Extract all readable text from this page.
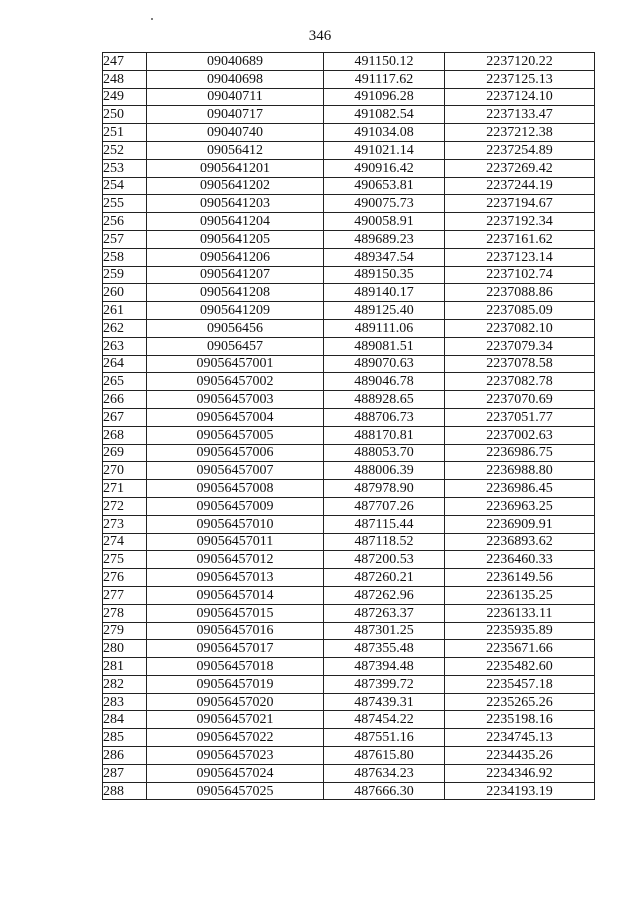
346
247	09040689	491150.12	2237120.22
248	09040698	491117.62	2237125.13
249	09040711	491096.28	2237124.10
250	09040717	491082.54	2237133.47
251	09040740	491034.08	2237212.38
252	09056412	491021.14	2237254.89
253	0905641201	490916.42	2237269.42
254	0905641202	490653.81	2237244.19
255	0905641203	490075.73	2237194.67
256	0905641204	490058.91	2237192.34
257	0905641205	489689.23	2237161.62
258	0905641206	489347.54	2237123.14
259	0905641207	489150.35	2237102.74
260	0905641208	489140.17	2237088.86
261	0905641209	489125.40	2237085.09
262	09056456	489111.06	2237082.10
263	09056457	489081.51	2237079.34
264	09056457001	489070.63	2237078.58
265	09056457002	489046.78	2237082.78
266	09056457003	488928.65	2237070.69
267	09056457004	488706.73	2237051.77
268	09056457005	488170.81	2237002.63
269	09056457006	488053.70	2236986.75
270	09056457007	488006.39	2236988.80
271	09056457008	487978.90	2236986.45
272	09056457009	487707.26	2236963.25
273	09056457010	487115.44	2236909.91
274	09056457011	487118.52	2236893.62
275	09056457012	487200.53	2236460.33
276	09056457013	487260.21	2236149.56
277	09056457014	487262.96	2236135.25
278	09056457015	487263.37	2236133.11
279	09056457016	487301.25	2235935.89
280	09056457017	487355.48	2235671.66
281	09056457018	487394.48	2235482.60
282	09056457019	487399.72	2235457.18
283	09056457020	487439.31	2235265.26
284	09056457021	487454.22	2235198.16
285	09056457022	487551.16	2234745.13
286	09056457023	487615.80	2234435.26
287	09056457024	487634.23	2234346.92
288	09056457025	487666.30	2234193.19
